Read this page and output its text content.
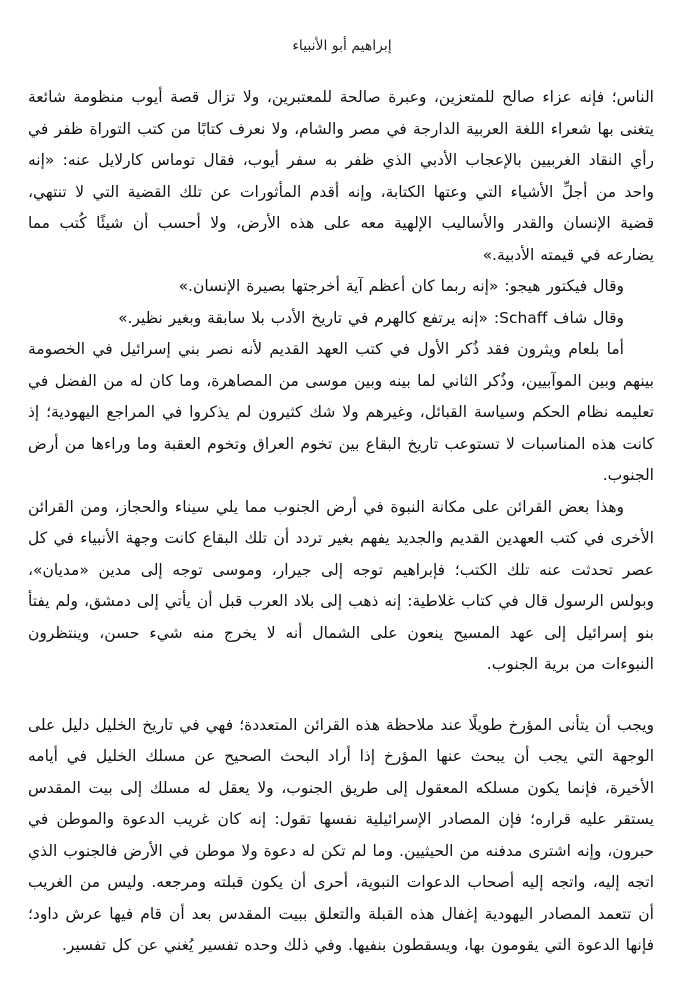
إبراهيم أبو الأنبياء

الناس؛ فإنه عزاء صالح للمتعزين، وعبرة صالحة للمعتبرين، ولا تزال قصة أيوب منظومة شائعة يتغنى بها شعراء اللغة العربية الدارجة في مصر والشام، ولا نعرف كتابًا من كتب التوراة ظفر في رأي النقاد الغربيين بالإعجاب الأدبي الذي ظفر به سفر أيوب، فقال توماس كارلايل عنه: «إنه واحد من أجلِّ الأشياء التي وعتها الكتابة، وإنه أقدم المأثورات عن تلك القضية التي لا تنتهي، قضية الإنسان والقدر والأساليب الإلهية معه على هذه الأرض، ولا أحسب أن شيئًا كُتب مما يضارعه في قيمته الأدبية.»

وقال فيكتور هيجو: «إنه ربما كان أعظم آية أخرجتها بصيرة الإنسان.»

وقال شاف Schaff: «إنه يرتفع كالهرم في تاريخ الأدب بلا سابقة وبغير نظير.»

أما بلعام ويثرون فقد ذُكر الأول في كتب العهد القديم لأنه نصر بني إسرائيل في الخصومة بينهم وبين الموآبيين، وذُكر الثاني لما بينه وبين موسى من المصاهرة، وما كان له من الفضل في تعليمه نظام الحكم وسياسة القبائل، وغيرهم ولا شك كثيرون لم يذكروا في المراجع اليهودية؛ إذ كانت هذه المناسبات لا تستوعب تاريخ البقاع بين تخوم العراق وتخوم العقبة وما وراءها من أرض الجنوب.

وهذا بعض القرائن على مكانة النبوة في أرض الجنوب مما يلي سيناء والحجاز، ومن القرائن الأخرى في كتب العهدين القديم والجديد يفهم بغير تردد أن تلك البقاع كانت وجهة الأنبياء في كل عصر تحدثت عنه تلك الكتب؛ فإبراهيم توجه إلى جيرار، وموسى توجه إلى مدين «مديان»، وبولس الرسول قال في كتاب غلاطية: إنه ذهب إلى بلاد العرب قبل أن يأتي إلى دمشق، ولم يفتأ بنو إسرائيل إلى عهد المسيح ينعون على الشمال أنه لا يخرج منه شيء حسن، وينتظرون النبوءات من برية الجنوب.

ويجب أن يتأنى المؤرخ طويلًا عند ملاحظة هذه القرائن المتعددة؛ فهي في تاريخ الخليل دليل على الوجهة التي يجب أن يبحث عنها المؤرخ إذا أراد البحث الصحيح عن مسلك الخليل في أيامه الأخيرة، فإنما يكون مسلكه المعقول إلى طريق الجنوب، ولا يعقل له مسلك إلى بيت المقدس يستقر عليه قراره؛ فإن المصادر الإسرائيلية نفسها تقول: إنه كان غريب الدعوة والموطن في حبرون، وإنه اشترى مدفنه من الحيثيين. وما لم تكن له دعوة ولا موطن في الأرض فالجنوب الذي اتجه إليه، واتجه إليه أصحاب الدعوات النبوية، أحرى أن يكون قبلته ومرجعه. وليس من الغريب أن تتعمد المصادر اليهودية إغفال هذه القبلة والتعلق ببيت المقدس بعد أن قام فيها عرش داود؛ فإنها الدعوة التي يقومون بها، ويسقطون بنفيها. وفي ذلك وحده تفسير يُغني عن كل تفسير.
